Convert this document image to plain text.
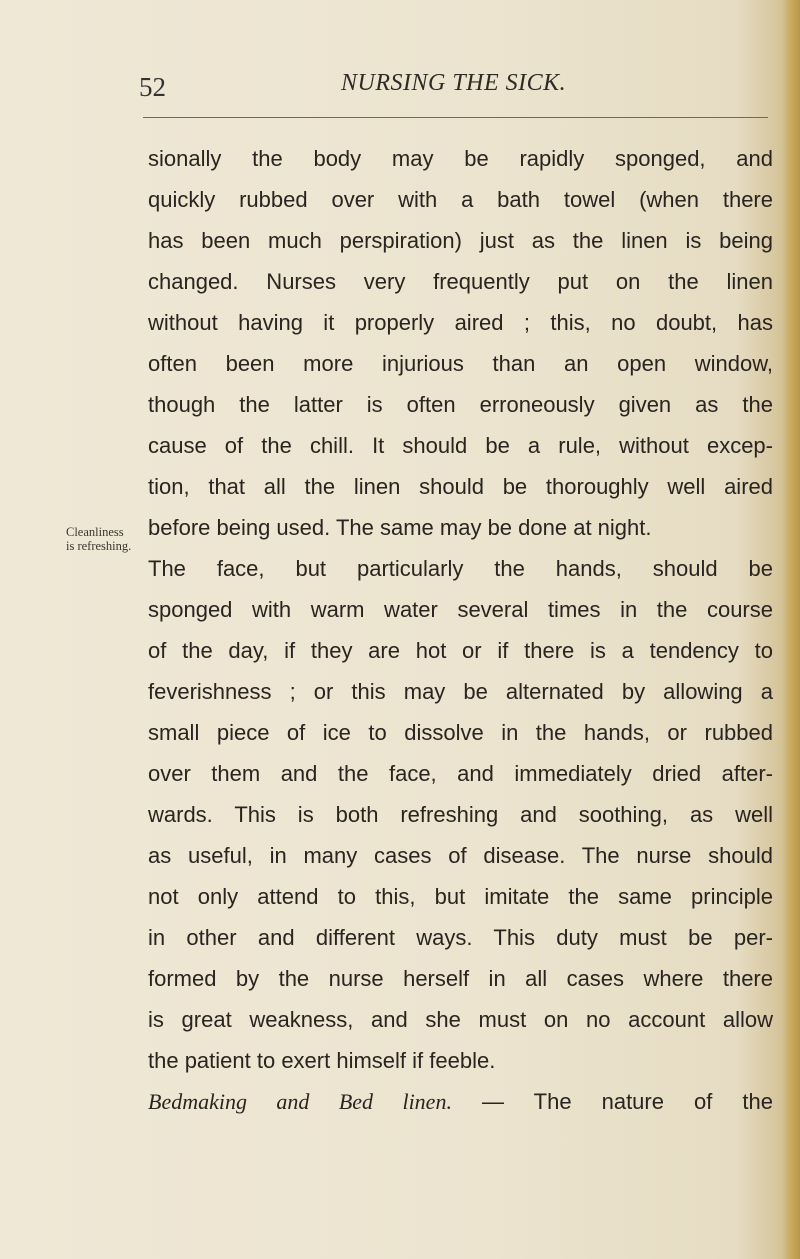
52	NURSING THE SICK.
Cleanliness
is refreshing.
sionally the body may be rapidly sponged, and
quickly rubbed over with a bath towel (when there
has been much perspiration) just as the linen is being
changed. Nurses very frequently put on the linen
without having it properly aired ; this, no doubt, has
often been more injurious than an open window,
though the latter is often erroneously given as the
cause of the chill. It should be a rule, without excep-
tion, that all the linen should be thoroughly well aired
before being used. The same may be done at night.
The face, but particularly the hands, should be
sponged with warm water several times in the course
of the day, if they are hot or if there is a tendency to
feverishness ; or this may be alternated by allowing a
small piece of ice to dissolve in the hands, or rubbed
over them and the face, and immediately dried after-
wards. This is both refreshing and soothing, as well
as useful, in many cases of disease. The nurse should
not only attend to this, but imitate the same principle
in other and different ways. This duty must be per-
formed by the nurse herself in all cases where there
is great weakness, and she must on no account allow
the patient to exert himself if feeble.
Bedmaking and Bed linen. — The nature of the
